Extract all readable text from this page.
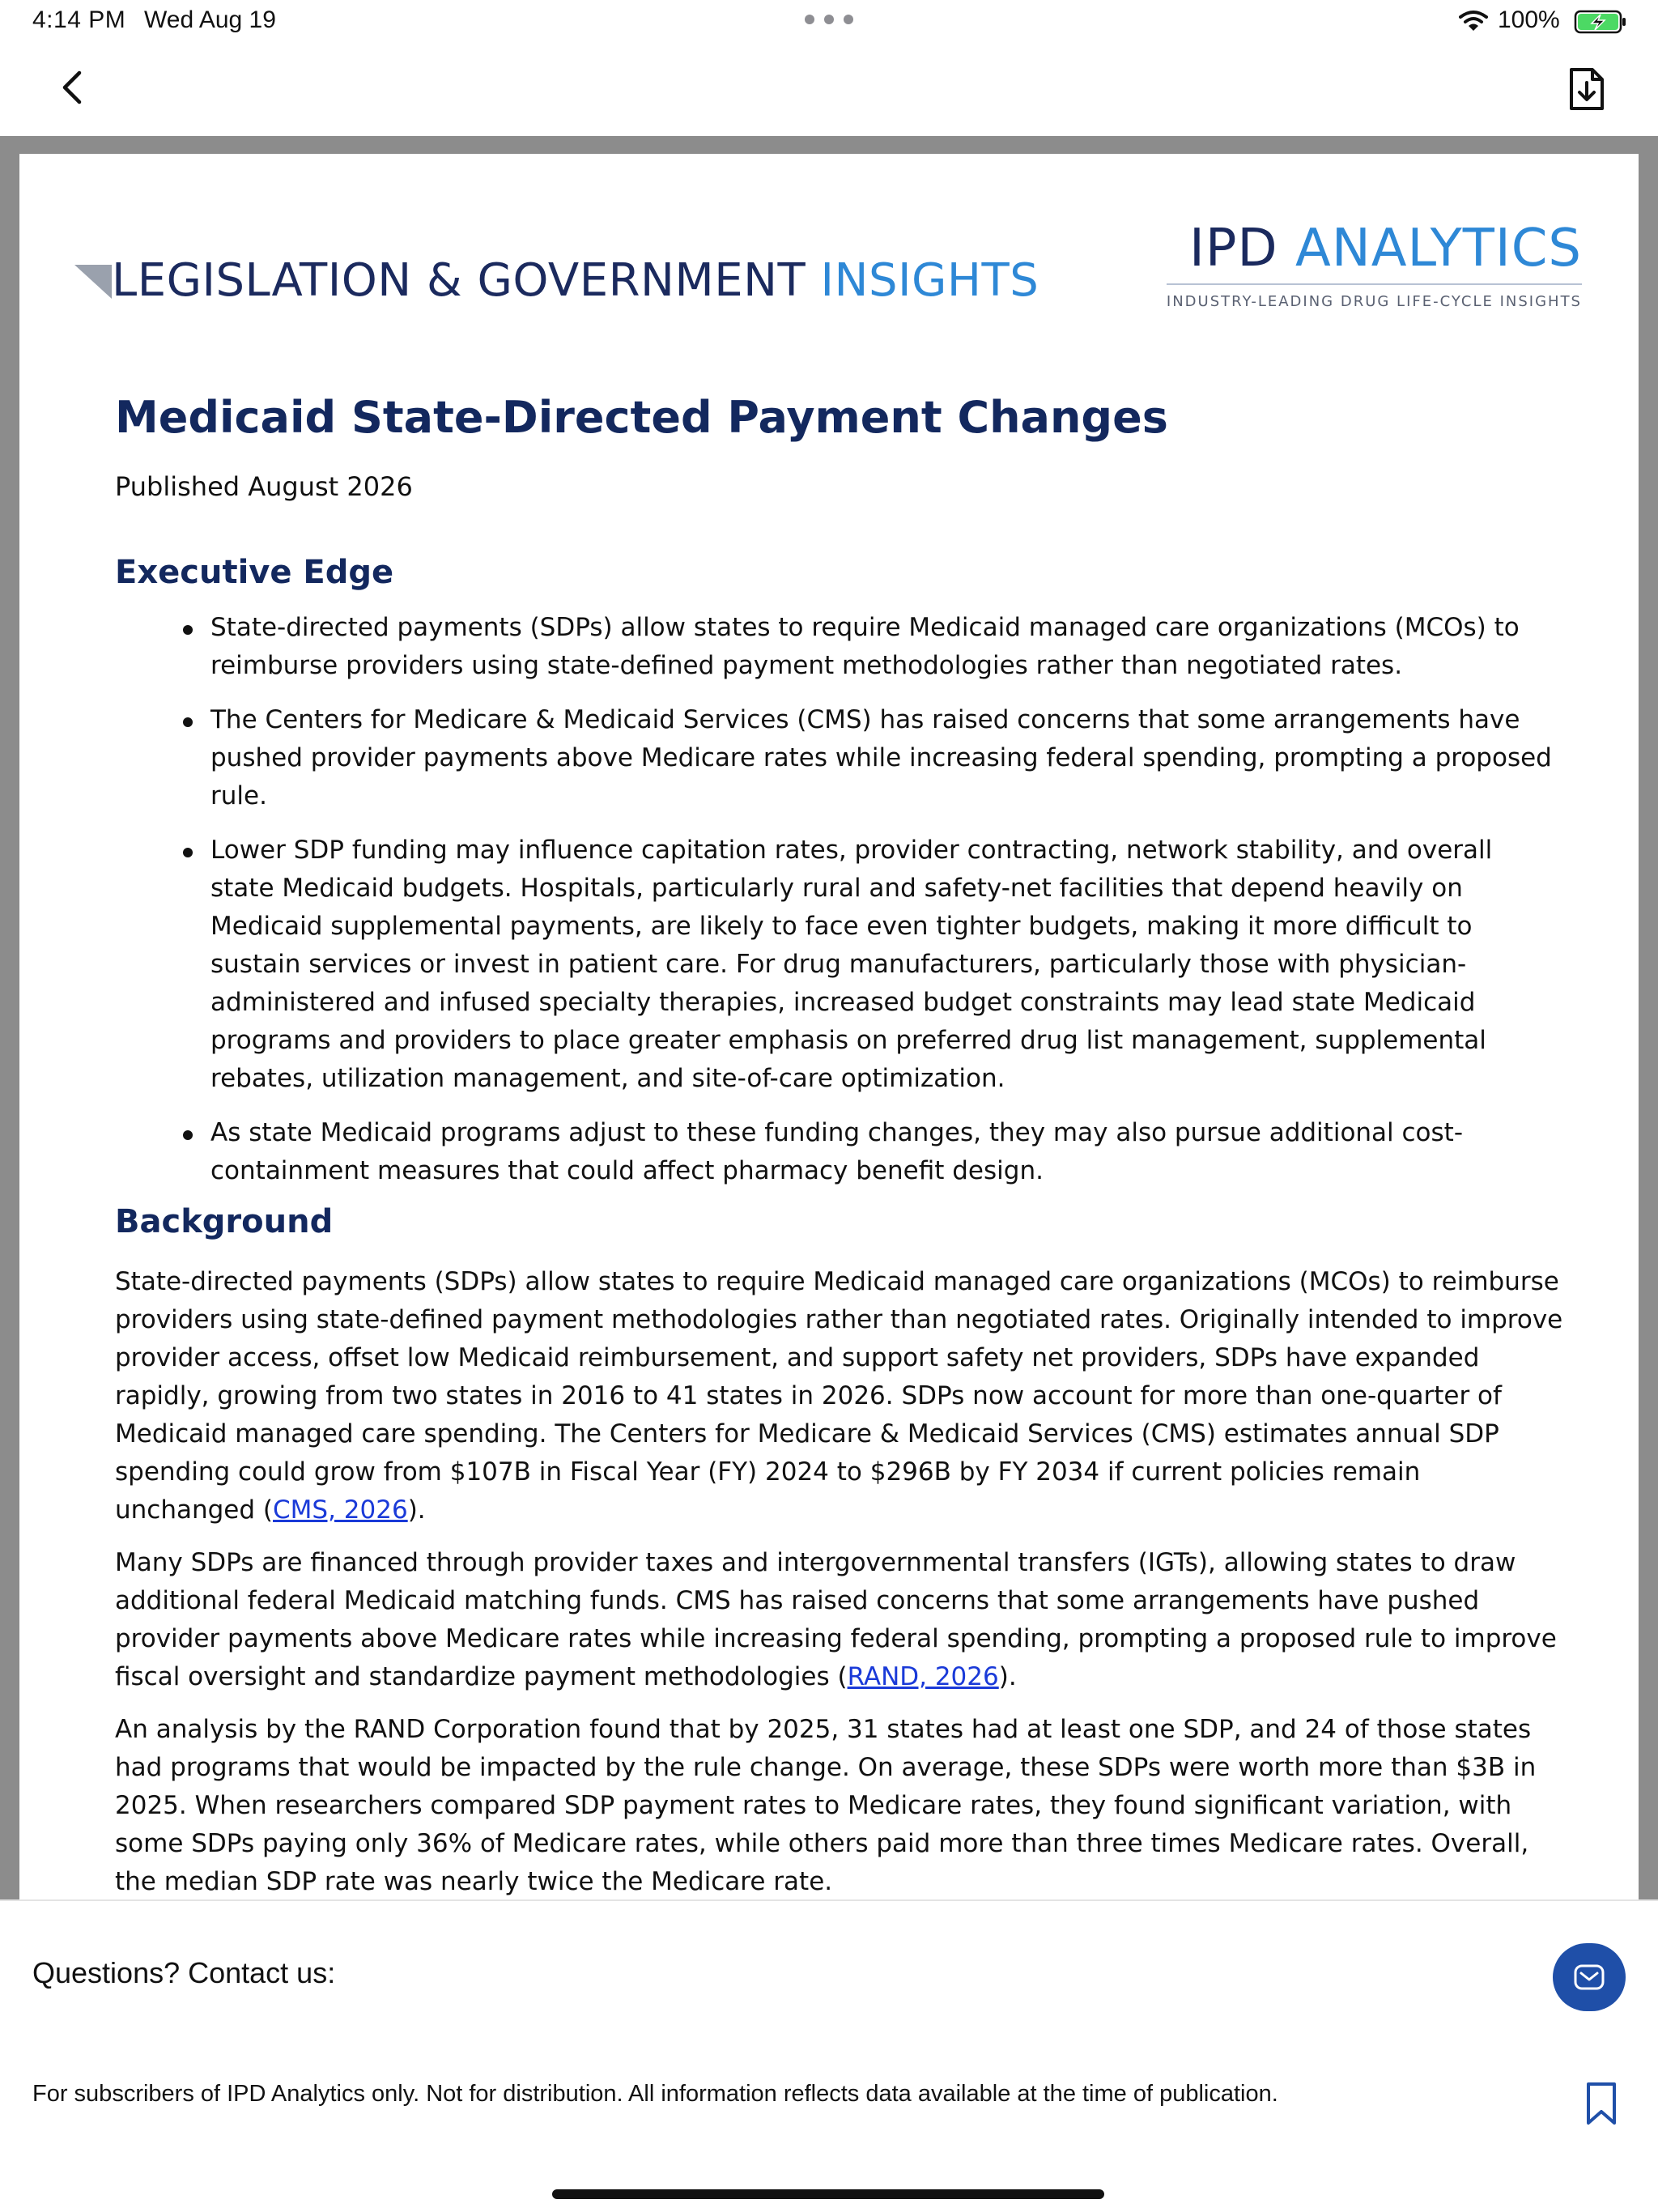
4:14 PM Wed Aug 19	100%
LEGISLATION & GOVERNMENT INSIGHTS
IPD ANALYTICS
INDUSTRY-LEADING DRUG LIFE-CYCLE INSIGHTS
Medicaid State-Directed Payment Changes
Published August 2026
Executive Edge
State-directed payments (SDPs) allow states to require Medicaid managed care organizations (MCOs) to reimburse providers using state-defined payment methodologies rather than negotiated rates.
The Centers for Medicare & Medicaid Services (CMS) has raised concerns that some arrangements have pushed provider payments above Medicare rates while increasing federal spending, prompting a proposed rule.
Lower SDP funding may influence capitation rates, provider contracting, network stability, and overall state Medicaid budgets. Hospitals, particularly rural and safety-net facilities that depend heavily on Medicaid supplemental payments, are likely to face even tighter budgets, making it more difficult to sustain services or invest in patient care. For drug manufacturers, particularly those with physician-administered and infused specialty therapies, increased budget constraints may lead state Medicaid programs and providers to place greater emphasis on preferred drug list management, supplemental rebates, utilization management, and site-of-care optimization.
As state Medicaid programs adjust to these funding changes, they may also pursue additional cost-containment measures that could affect pharmacy benefit design.
Background

State-directed payments (SDPs) allow states to require Medicaid managed care organizations (MCOs) to reimburse providers using state-defined payment methodologies rather than negotiated rates. Originally intended to improve provider access, offset low Medicaid reimbursement, and support safety net providers, SDPs have expanded rapidly, growing from two states in 2016 to 41 states in 2026. SDPs now account for more than one-quarter of Medicaid managed care spending. The Centers for Medicare & Medicaid Services (CMS) estimates annual SDP spending could grow from $107B in Fiscal Year (FY) 2024 to $296B by FY 2034 if current policies remain unchanged (CMS, 2026).

Many SDPs are financed through provider taxes and intergovernmental transfers (IGTs), allowing states to draw additional federal Medicaid matching funds. CMS has raised concerns that some arrangements have pushed provider payments above Medicare rates while increasing federal spending, prompting a proposed rule to improve fiscal oversight and standardize payment methodologies (RAND, 2026).

An analysis by the RAND Corporation found that by 2025, 31 states had at least one SDP, and 24 of those states had programs that would be impacted by the rule change. On average, these SDPs were worth more than $3B in 2025. When researchers compared SDP payment rates to Medicare rates, they found significant variation, with some SDPs paying only 36% of Medicare rates, while others paid more than three times Medicare rates. Overall, the median SDP rate was nearly twice the Medicare rate.

Questions? Contact us:
For subscribers of IPD Analytics only. Not for distribution. All information reflects data available at the time of publication.
